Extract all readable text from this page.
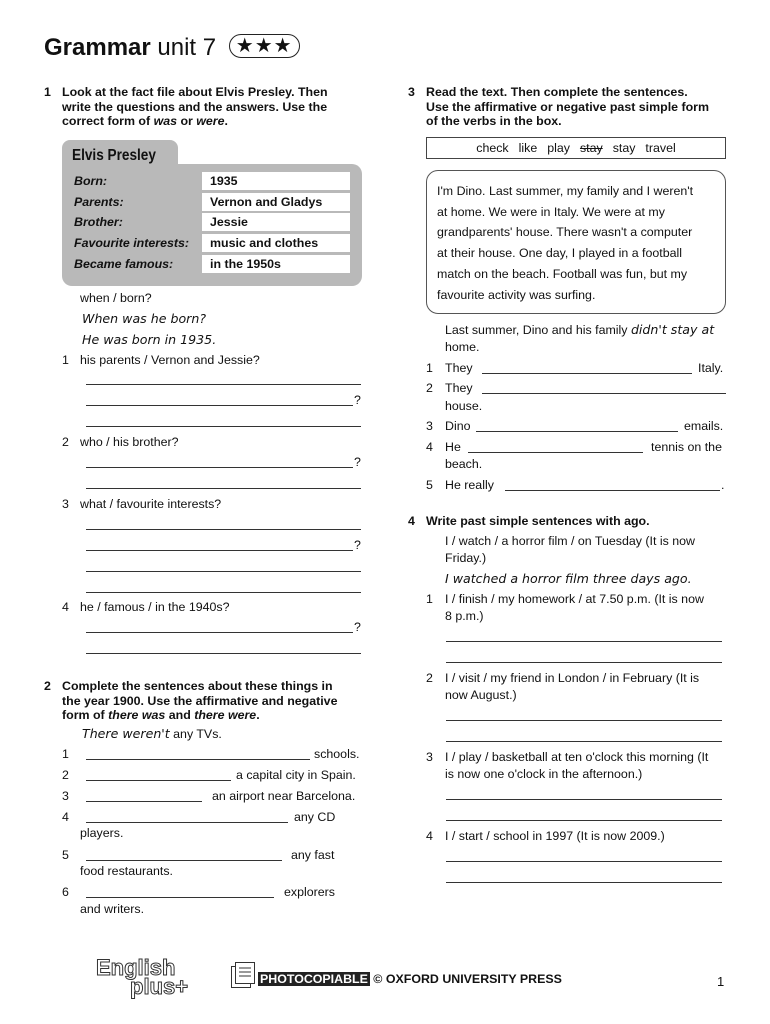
Grammar unit 7 ★★★
1 Look at the fact file about Elvis Presley. Then
write the questions and the answers. Use the
correct form of was or were.
Elvis Presley
Born:	1935
Parents:	Vernon and Gladys
Brother:	Jessie
Favourite interests:	music and clothes
Became famous:	in the 1950s
when / born?
When was he born?
He was born in 1935.
1 his parents / Vernon and Jessie?
?
2 who / his brother?
?
3 what / favourite interests?
?
4 he / famous / in the 1940s?
?
2 Complete the sentences about these things in
the year 1900. Use the affirmative and negative
form of there was and there were.
There weren't any TVs.
1	schools.
2	a capital city in Spain.
3	an airport near Barcelona.
4	any CD
players.
5	any fast
food restaurants.
6	explorers
and writers.
3 Read the text. Then complete the sentences.
Use the affirmative or negative past simple form
of the verbs in the box.
check like play stay stay travel
I'm Dino. Last summer, my family and I weren't
at home. We were in Italy. We were at my
grandparents' house. There wasn't a computer
at their house. One day, I played in a football
match on the beach. Football was fun, but my
favourite activity was surfing.
Last summer, Dino and his family didn't stay at
home.
1 They	Italy.
2 They
house.
3 Dino	emails.
4 He	tennis on the
beach.
5 He really	.
4 Write past simple sentences with ago.
I / watch / a horror film / on Tuesday (It is now
Friday.)
I watched a horror film three days ago.
1 I / finish / my homework / at 7.50 p.m. (It is now
8 p.m.)
2 I / visit / my friend in London / in February (It is
now August.)
3 I / play / basketball at ten o'clock this morning (It
is now one o'clock in the afternoon.)
4 I / start / school in 1997 (It is now 2009.)
English
plus+	PHOTOCOPIABLE © OXFORD UNIVERSITY PRESS	1
